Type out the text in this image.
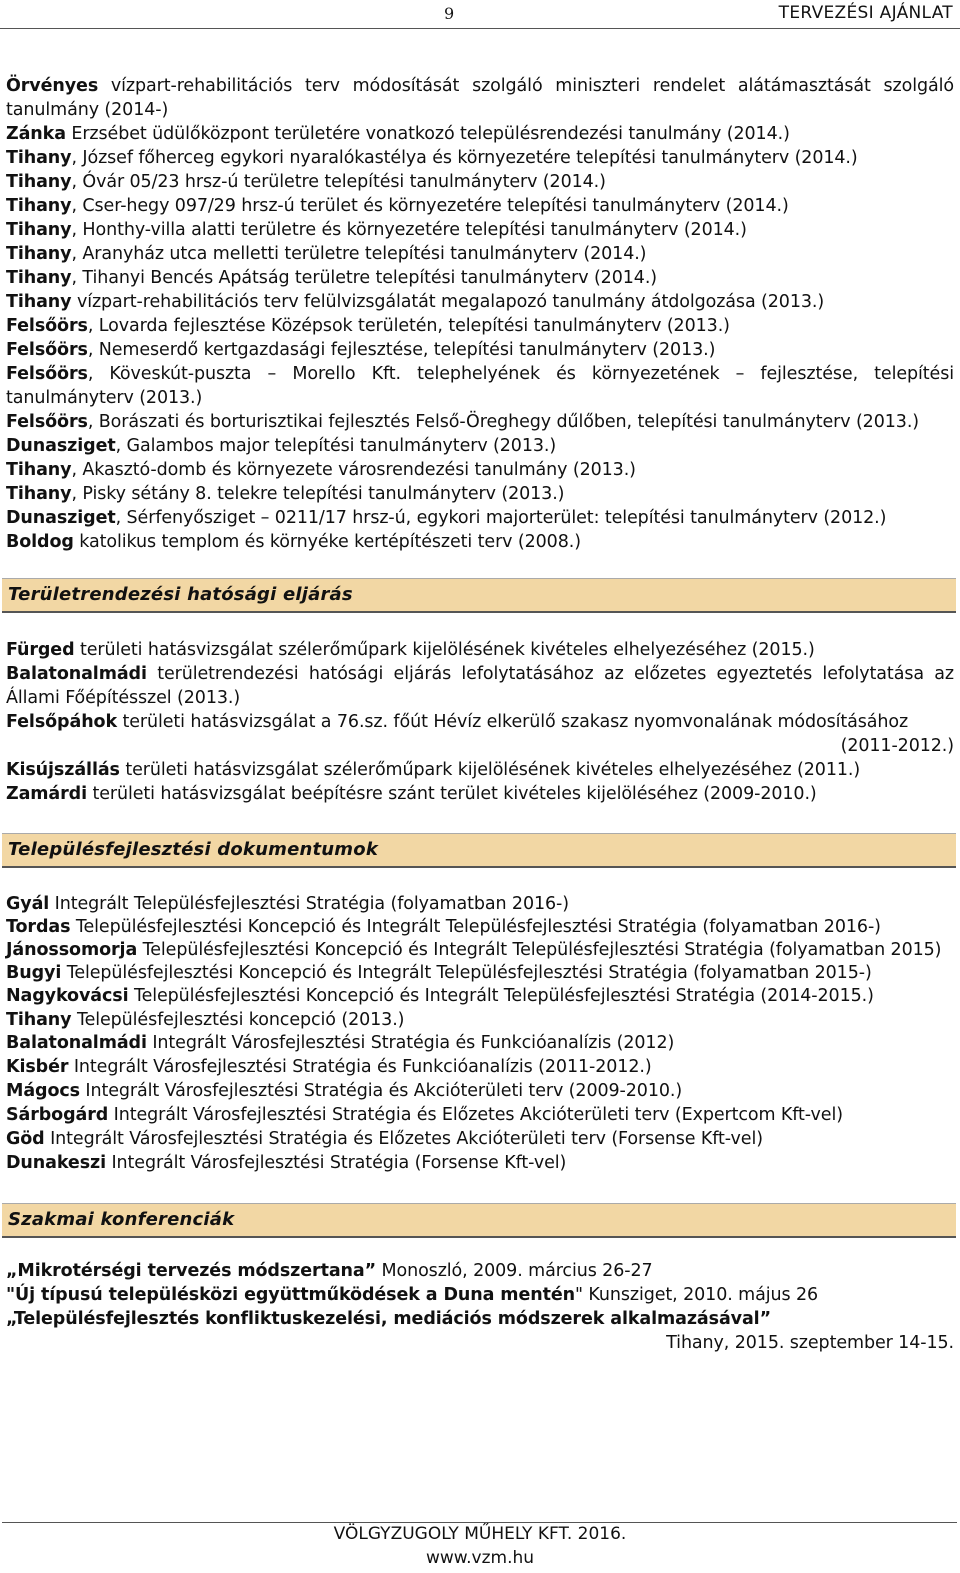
9	TERVEZÉSI AJÁNLAT
Örvényes vízpart-rehabilitációs terv módosítását szolgáló miniszteri rendelet alátámasztását szolgáló tanulmány (2014-)
Zánka Erzsébet üdülőközpont területére vonatkozó településrendezési tanulmány (2014.)
Tihany, József főherceg egykori nyaralókastélya és környezetére telepítési tanulmányterv (2014.)
Tihany, Óvár 05/23 hrsz-ú területre telepítési tanulmányterv (2014.)
Tihany, Cser-hegy 097/29 hrsz-ú terület és környezetére telepítési tanulmányterv (2014.)
Tihany, Honthy-villa alatti területre és környezetére telepítési tanulmányterv (2014.)
Tihany, Aranyház utca melletti területre telepítési tanulmányterv (2014.)
Tihany, Tihanyi Bencés Apátság területre telepítési tanulmányterv (2014.)
Tihany vízpart-rehabilitációs terv felülvizsgálatát megalapozó tanulmány átdolgozása (2013.)
Felsőörs, Lovarda fejlesztése Középsok területén, telepítési tanulmányterv (2013.)
Felsőörs, Nemeserdő kertgazdasági fejlesztése, telepítési tanulmányterv (2013.)
Felsőörs, Köveskút-puszta – Morello Kft. telephelyének és környezetének – fejlesztése, telepítési tanulmányterv (2013.)
Felsőörs, Borászati és borturisztikai fejlesztés Felső-Öreghegy dűlőben, telepítési tanulmányterv (2013.)
Dunasziget, Galambos major telepítési tanulmányterv (2013.)
Tihany, Akasztó-domb és környezete városrendezési tanulmány (2013.)
Tihany, Pisky sétány 8. telekre telepítési tanulmányterv (2013.)
Dunasziget, Sérfenyősziget – 0211/17 hrsz-ú, egykori majorterület: telepítési tanulmányterv (2012.)
Boldog katolikus templom és környéke kertépítészeti terv (2008.)
Területrendezési hatósági eljárás
Fürged területi hatásvizsgálat szélerőműpark kijelölésének kivételes elhelyezéséhez (2015.)
Balatonalmádi területrendezési hatósági eljárás lefolytatásához az előzetes egyeztetés lefolytatása az Állami Főépítésszel (2013.)
Felsőpáhok területi hatásvizsgálat a 76.sz. főút Hévíz elkerülő szakasz nyomvonalának módosításához
(2011-2012.)
Kisújszállás területi hatásvizsgálat szélerőműpark kijelölésének kivételes elhelyezéséhez (2011.)
Zamárdi területi hatásvizsgálat beépítésre szánt terület kivételes kijelöléséhez (2009-2010.)
Településfejlesztési dokumentumok
Gyál Integrált Településfejlesztési Stratégia (folyamatban 2016-)
Tordas Településfejlesztési Koncepció és Integrált Településfejlesztési Stratégia (folyamatban 2016-)
Jánossomorja Településfejlesztési Koncepció és Integrált Településfejlesztési Stratégia (folyamatban 2015)
Bugyi Településfejlesztési Koncepció és Integrált Településfejlesztési Stratégia (folyamatban 2015-)
Nagykovácsi Településfejlesztési Koncepció és Integrált Településfejlesztési Stratégia (2014-2015.)
Tihany Településfejlesztési koncepció (2013.)
Balatonalmádi Integrált Városfejlesztési Stratégia és Funkcióanalízis (2012)
Kisbér Integrált Városfejlesztési Stratégia és Funkcióanalízis (2011-2012.)
Mágocs Integrált Városfejlesztési Stratégia és Akcióterületi terv (2009-2010.)
Sárbogárd Integrált Városfejlesztési Stratégia és Előzetes Akcióterületi terv (Expertcom Kft-vel)
Göd Integrált Városfejlesztési Stratégia és Előzetes Akcióterületi terv (Forsense Kft-vel)
Dunakeszi Integrált Városfejlesztési Stratégia (Forsense Kft-vel)
Szakmai konferenciák
„Mikrotérségi tervezés módszertana” Monoszló, 2009. március 26-27
"Új típusú településközi együttműködések a Duna mentén" Kunsziget, 2010. május 26
„Településfejlesztés konfliktuskezelési, mediációs módszerek alkalmazásával”
Tihany, 2015. szeptember 14-15.
VÖLGYZUGOLY MŰHELY KFT. 2016.
www.vzm.hu
